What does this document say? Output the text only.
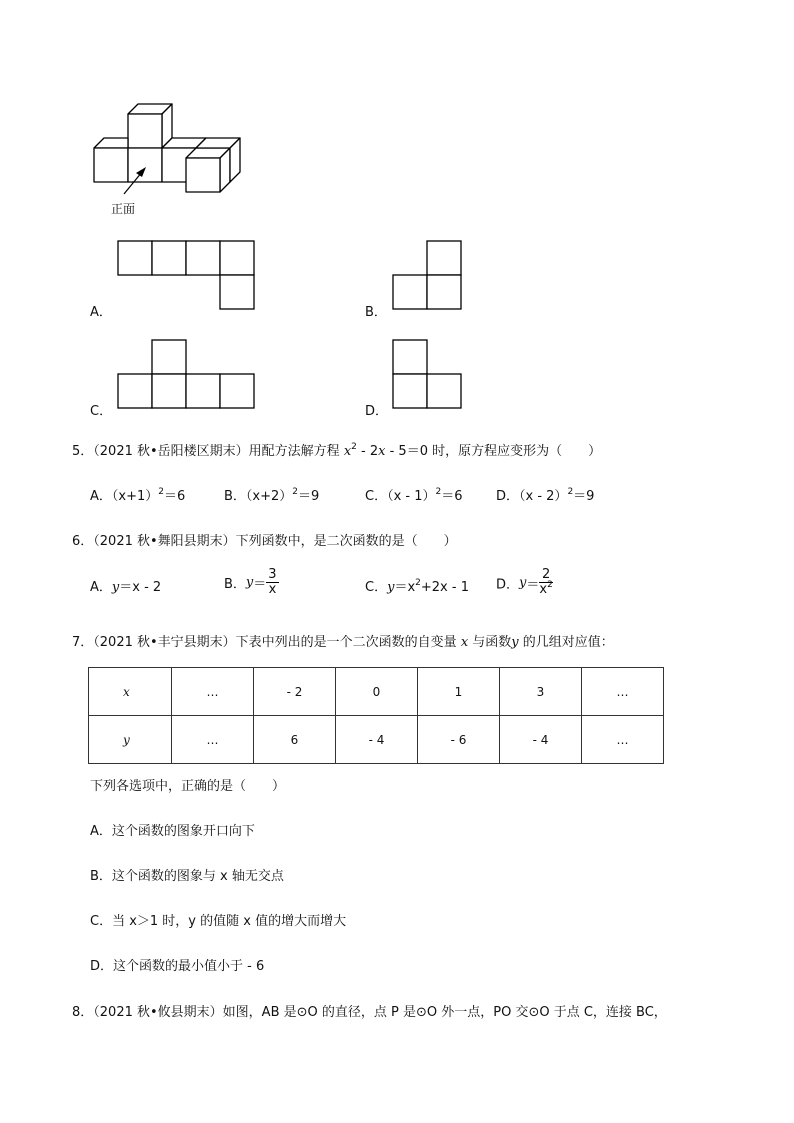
正面
A．	B．
C．	D．
5．（2021 秋•岳阳楼区期末）用配方法解方程 $x^2 - 2x - 5=0$ 时，原方程应变形为（　　）
A．$(x+1)^2=6$	B．$(x+2)^2=9$	C．（x - 1）$^2$＝6	D．（x - 2）$^2$＝9
6．（2021 秋•舞阳县期末）下列函数中，是二次函数的是（　　）
A．y＝x - 2	B．$y= \frac{3}{x}$	C．$y=x^2+2x - 1$ D．$y= \frac{2}{x^2}$
7．（2021 秋•丰宁县期末）下表中列出的是一个二次函数的自变量 x 与函数y 的几组对应值：
x	…	- 2	0	1	3	…
y	…	6	- 4	- 6	- 4	…
下列各选项中，正确的是（　　）
A．这个函数的图象开口向下
B．这个函数的图象与 x 轴无交点
C．当 x＞1 时，y 的值随 x 值的增大而增大
D．这个函数的最小值小于 - 6
8．（2021 秋•攸县期末）如图，AB 是⊙O 的直径，点 P 是⊙O 外一点，PO 交⊙O 于点 C，连接 BC，
